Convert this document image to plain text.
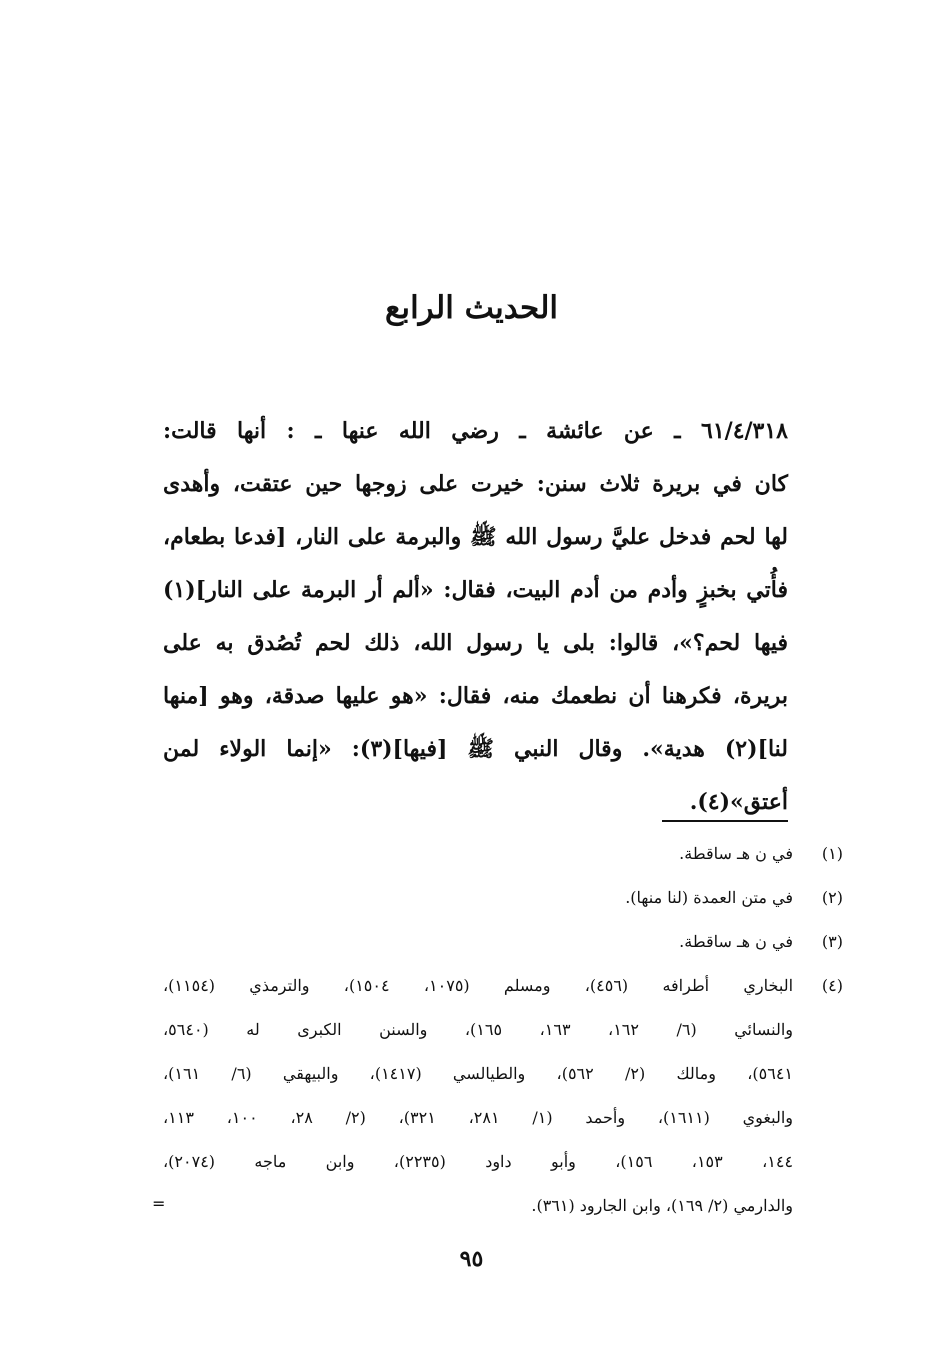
الحديث الرابع
٦١/٤/٣١٨ ـ عن عائشة ـ رضي الله عنها ـ : أنها قالت:
كان في بريرة ثلاث سنن: خيرت على زوجها حين عتقت، وأهدى
لها لحم فدخل عليَّ رسول الله ﷺ والبرمة على النار، [فدعا بطعام،
فأُتي بخبزٍ وأدم من أدم البيت، فقال: «ألم أر البرمة على النار](١)
فيها لحم؟»، قالوا: بلى يا رسول الله، ذلك لحم تُصُدق به على
بريرة، فكرهنا أن نطعمك منه، فقال: «هو عليها صدقة، وهو [منها
لنا](٢) هدية». وقال النبي ﷺ [فيها](٣): «إنما الولاء لمن
أعتق»(٤).
(١)في ن هـ ساقطة.
(٢)في متن العمدة (لنا منها).
(٣)في ن هـ ساقطة.
(٤)البخاري أطرافه (٤٥٦)، ومسلم (١٠٧٥، ١٥٠٤)، والترمذي (١١٥٤)،
والنسائي (٦/ ١٦٢، ١٦٣، ١٦٥)، والسنن الكبرى له (٥٦٤٠،
٥٦٤١)، ومالك (٢/ ٥٦٢)، والطيالسي (١٤١٧)، والبيهقي (٦/ ١٦١)،
والبغوي (١٦١١)، وأحمد (١/ ٢٨١، ٣٢١)، (٢/ ٢٨، ١٠٠، ١١٣،
١٤٤، ١٥٣، ١٥٦)، وأبو داود (٢٢٣٥)، وابن ماجه (٢٠٧٤)،
والدارمي (٢/ ١٦٩)، وابن الجارود (٣٦١).
=
٩٥
